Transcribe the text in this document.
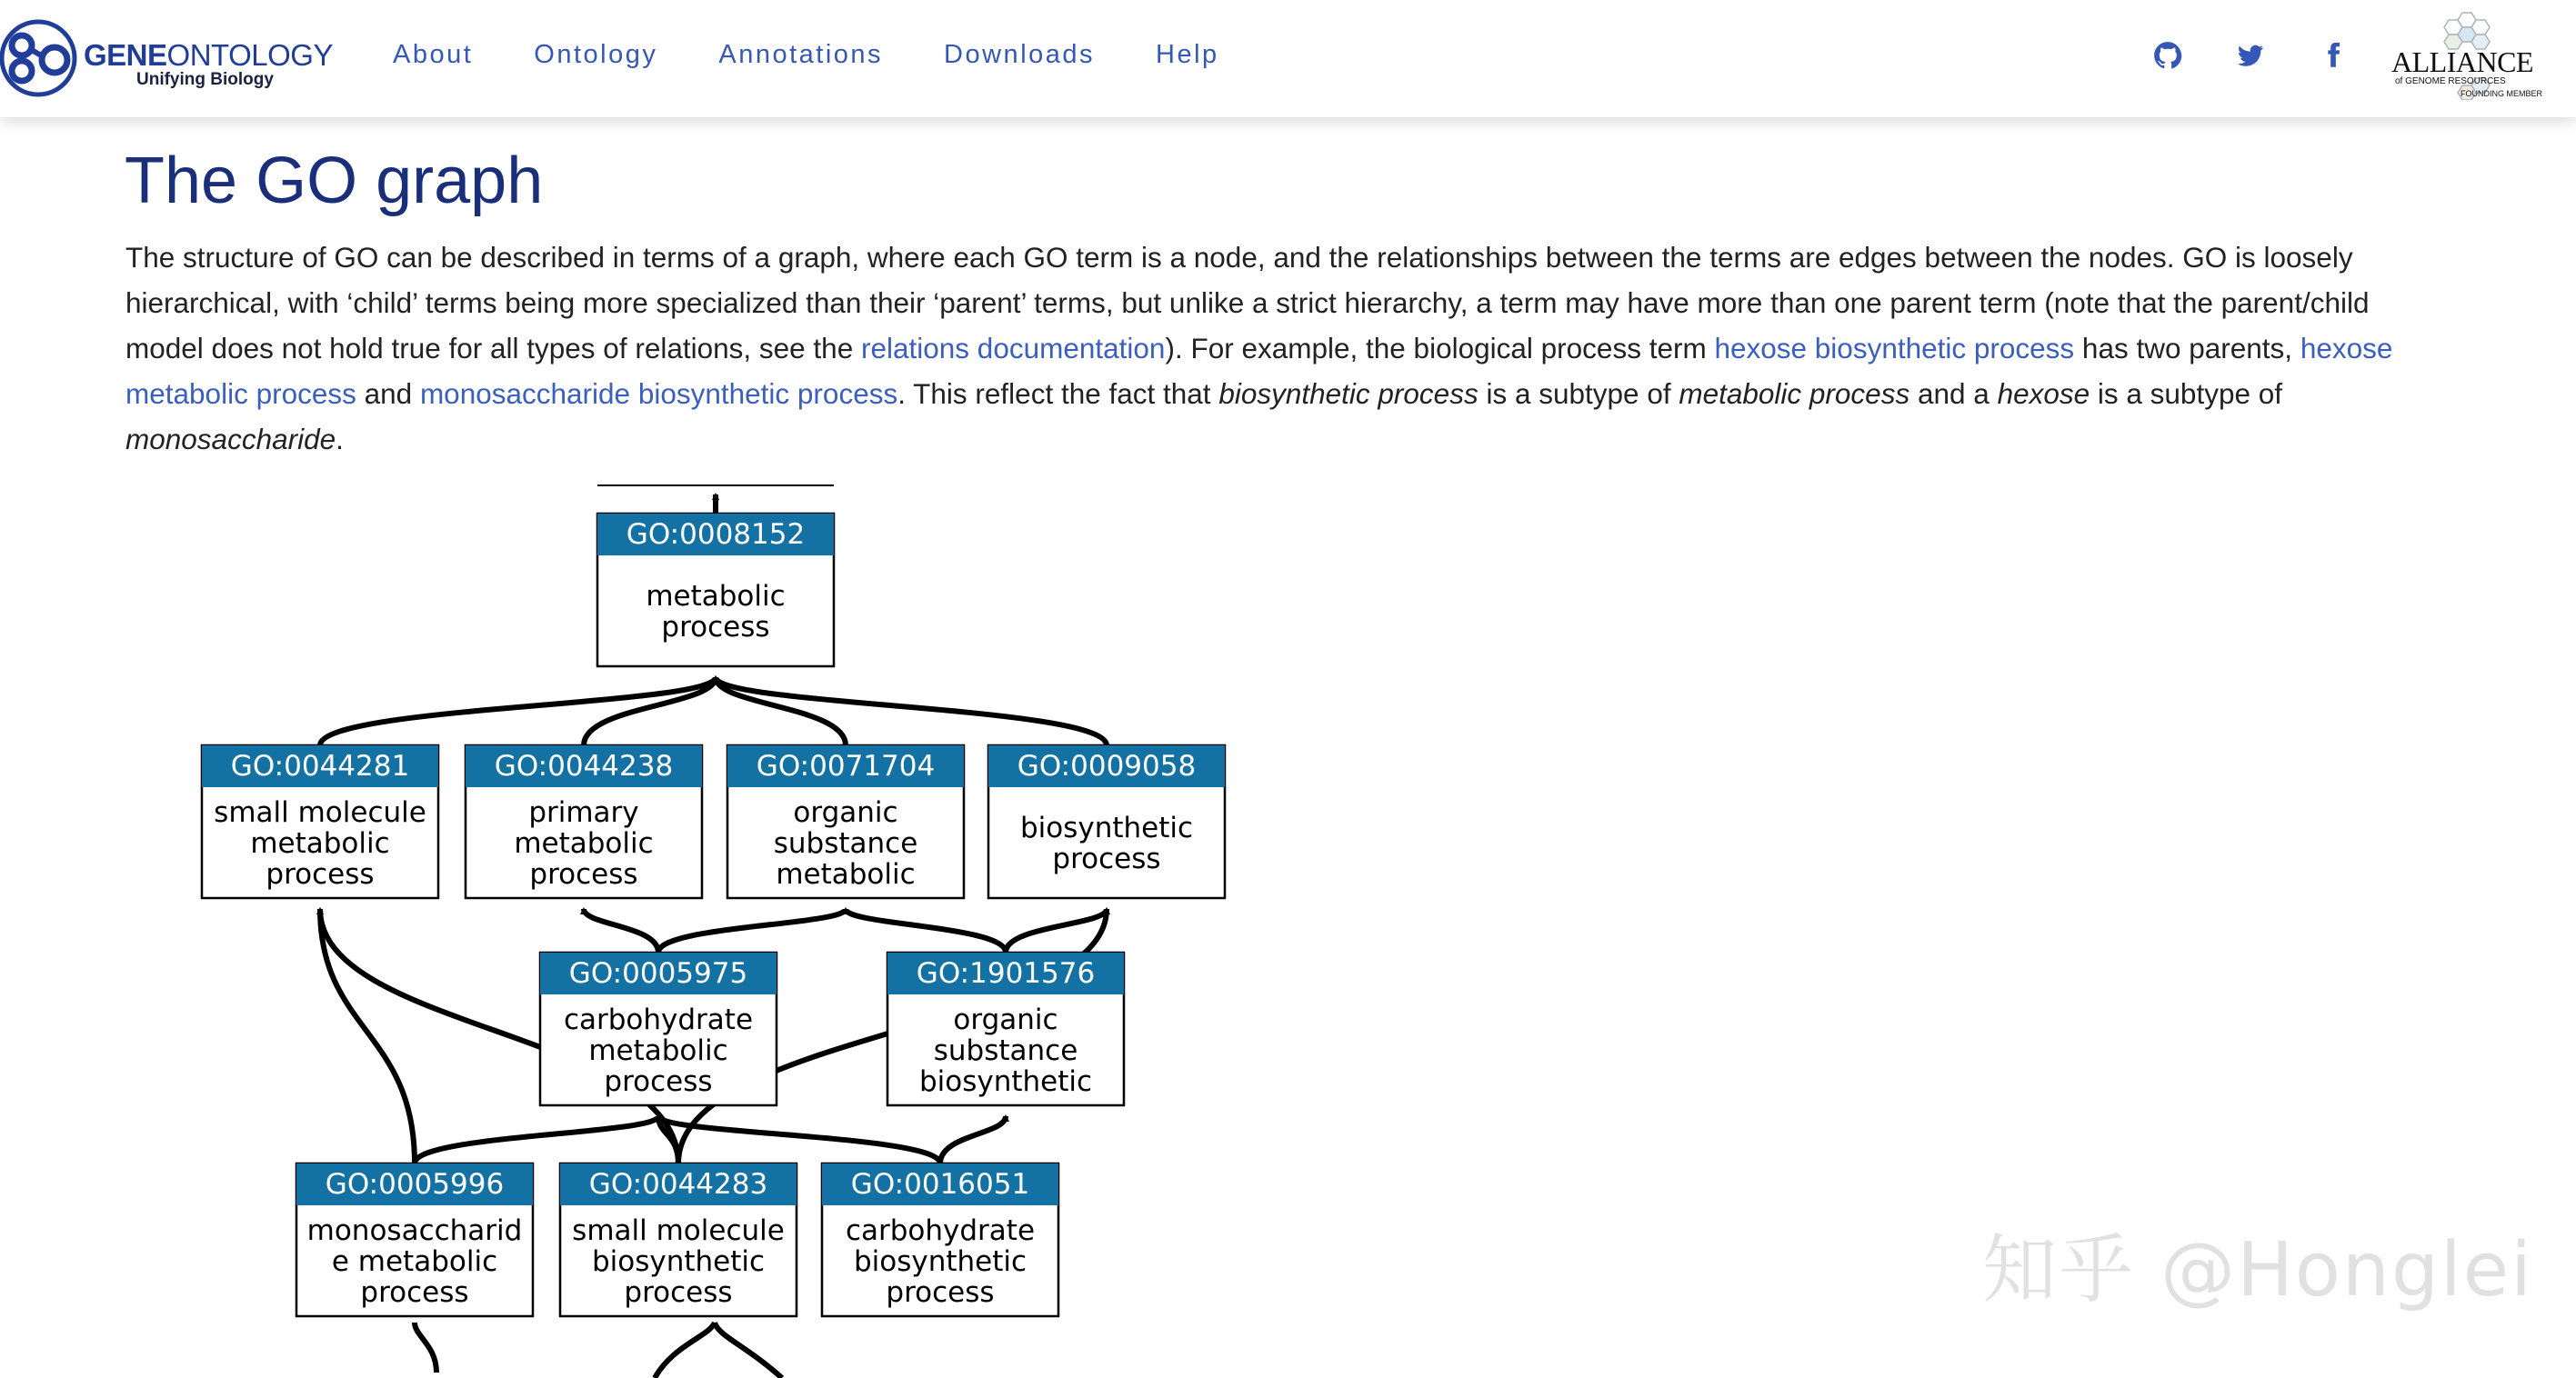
GENEONTOLOGY
Unifying Biology
About Ontology Annotations Downloads Help	ALLIANCE
of GENOME RESOURCES
FOUNDING MEMBER
The GO graph

The structure of GO can be described in terms of a graph, where each GO term is a node, and the relationships between the terms are edges between the nodes. GO is loosely hierarchical, with ‘child’ terms being more specialized than their ‘parent’ terms, but unlike a strict hierarchy, a term may have more than one parent term (note that the parent/child model does not hold true for all types of relations, see the relations documentation). For example, the biological process term hexose biosynthetic process has two parents, hexose metabolic process and monosaccharide biosynthetic process. This reflect the fact that biosynthetic process is a subtype of metabolic process and a hexose is a subtype of monosaccharide.

GO:0008152
metabolic
process
GO:0044281
small molecule
metabolic
process
GO:0044238
primary
metabolic
process
GO:0071704
organic
substance
metabolic
GO:0009058
biosynthetic
process
GO:0005975
carbohydrate
metabolic
process
GO:1901576
organic
substance
biosynthetic
GO:0005996
monosaccharid
e metabolic
process
GO:0044283
small molecule
biosynthetic
process
GO:0016051
carbohydrate
biosynthetic
process	知乎 @Honglei
